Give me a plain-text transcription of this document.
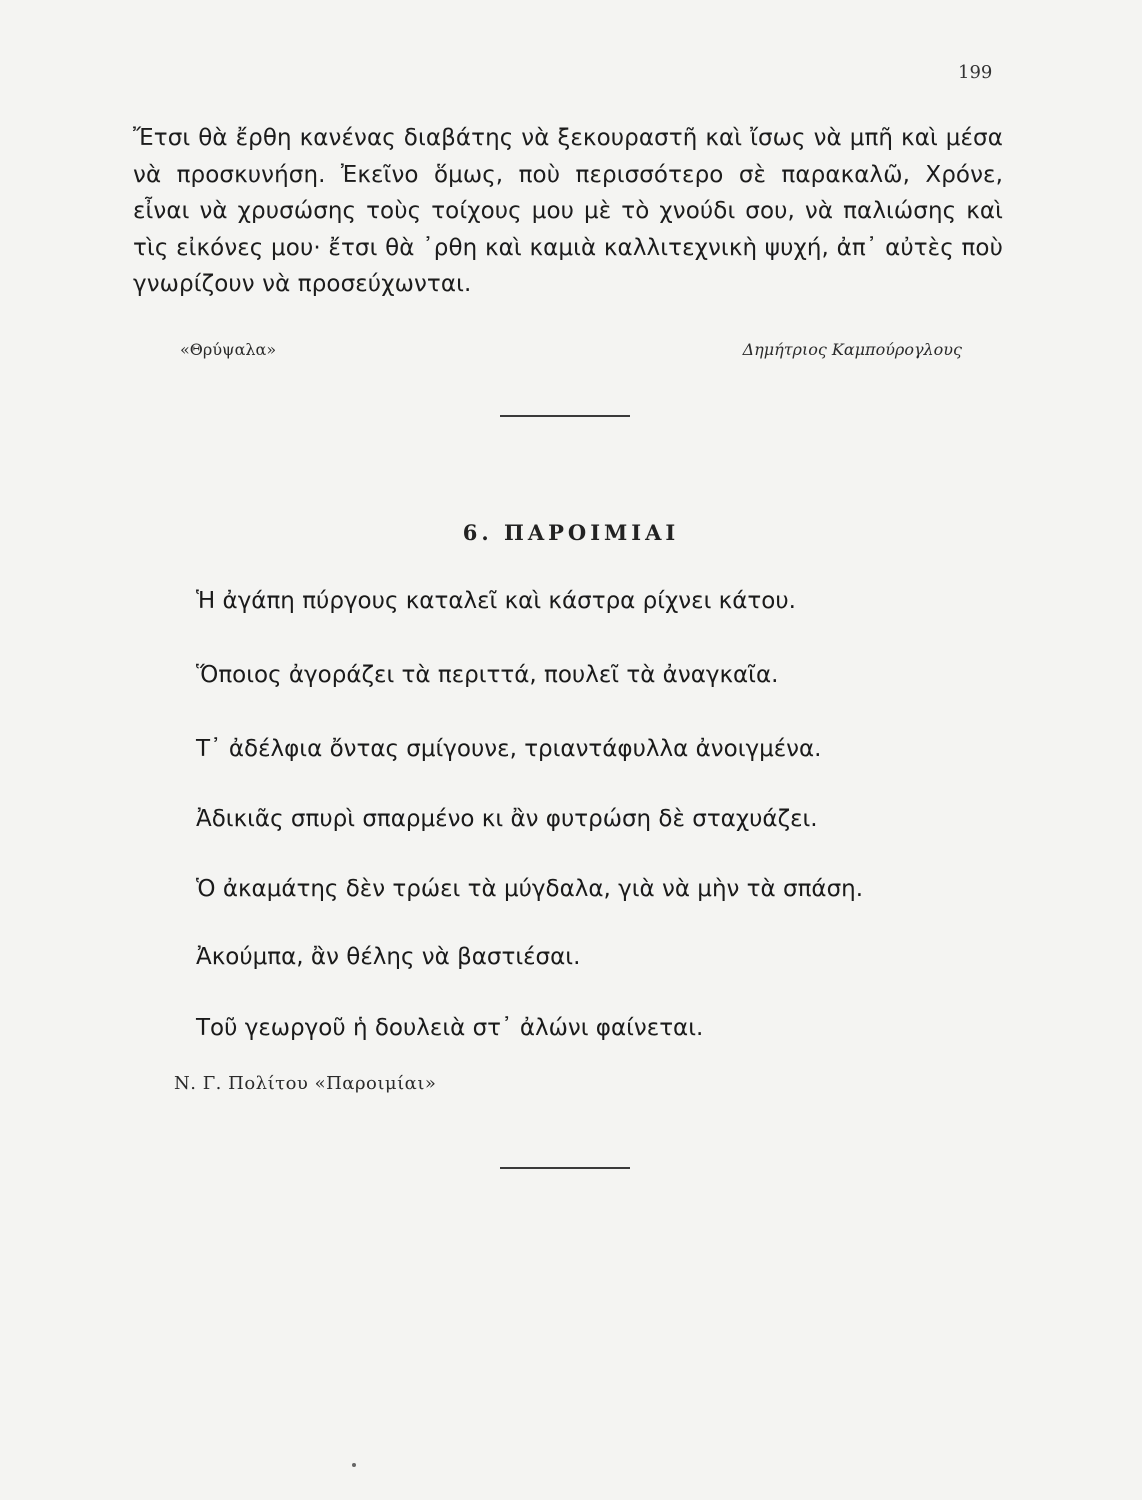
199

Ἔτσι θὰ ἔρθη κανένας διαβάτης νὰ ξεκουραστῆ καὶ ἴσως νὰ μπῆ καὶ μέσα νὰ προσκυνήση. Ἐκεῖνο ὅμως, ποὺ περισσότερο σὲ παρακαλῶ, Χρόνε, εἶναι νὰ χρυσώσης τοὺς τοίχους μου μὲ τὸ χνούδι σου, νὰ παλιώσης καὶ τὶς εἰκόνες μου· ἔτσι θὰ ᾿ρθη καὶ καμιὰ καλλιτεχνικὴ ψυχή, ἀπ᾿ αὐτὲς ποὺ γνωρίζουν νὰ προσεύχωνται.

«Θρύψαλα»	Δημήτριος Καμπούρογλους
6. ΠΑΡΟΙΜΙΑΙ
Ἡ ἀγάπη πύργους καταλεῖ καὶ κάστρα ρίχνει κάτου.
Ὅποιος ἀγοράζει τὰ περιττά, πουλεῖ τὰ ἀναγκαῖα.
Τ᾿ ἀδέλφια ὄντας σμίγουνε, τριαντάφυλλα ἀνοιγμένα.
Ἀδικιᾶς σπυρὶ σπαρμένο κι ἂν φυτρώση δὲ σταχυάζει.
Ὁ ἀκαμάτης δὲν τρώει τὰ μύγδαλα, γιὰ νὰ μὴν τὰ σπάση.
Ἀκούμπα, ἂν θέλης νὰ βαστιέσαι.
Τοῦ γεωργοῦ ἡ δουλειὰ στ᾿ ἀλώνι φαίνεται.
Ν. Γ. Πολίτου «Παροιμίαι»
